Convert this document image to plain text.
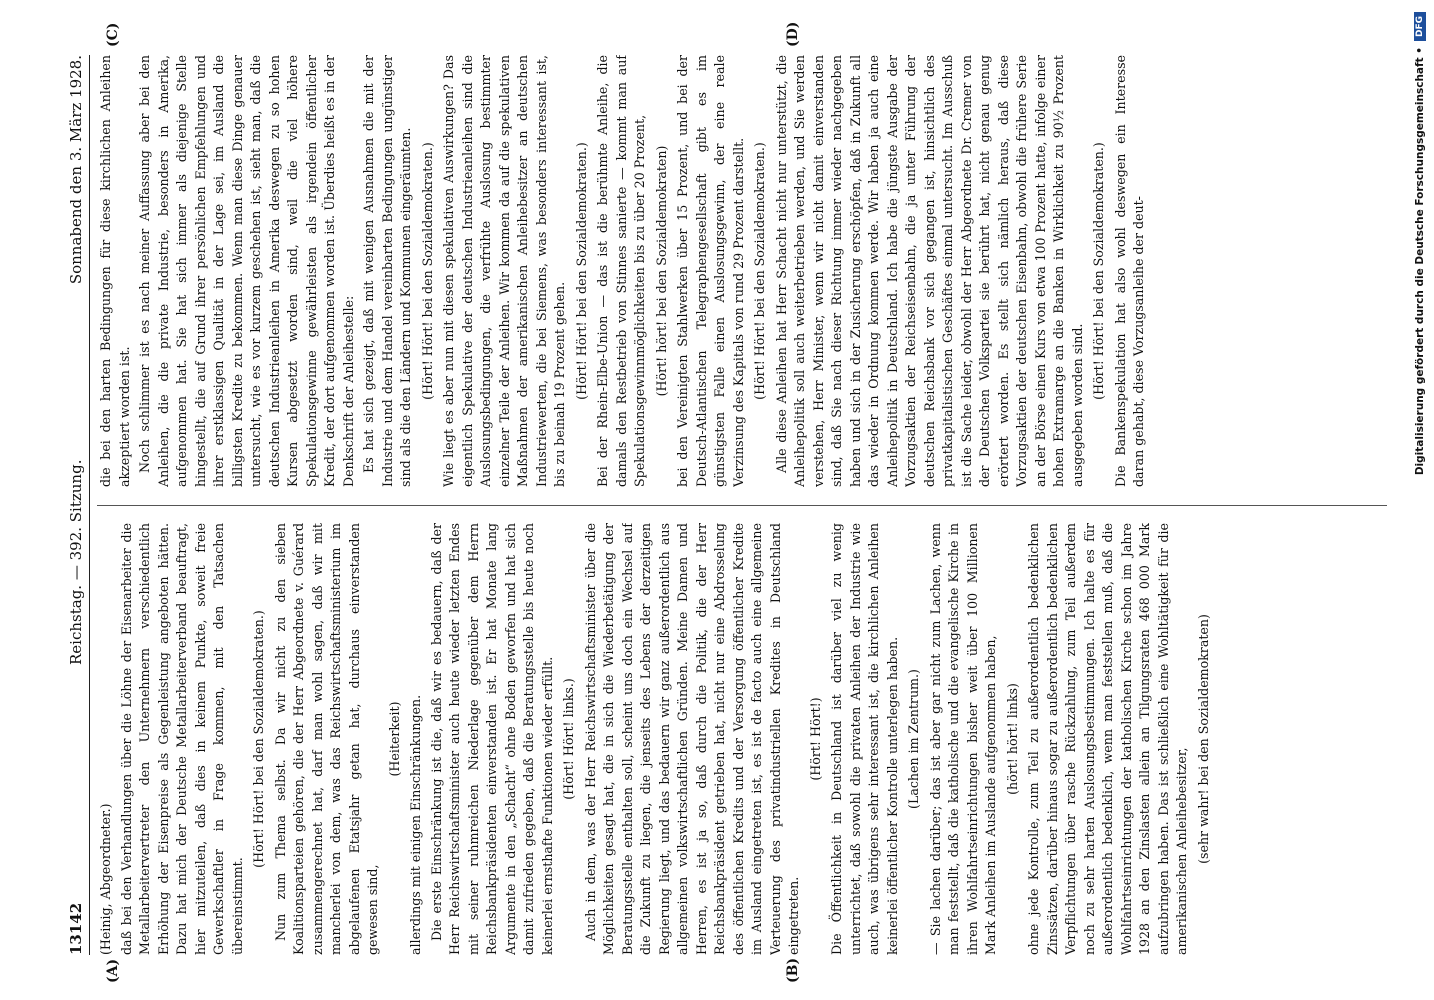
13142
Reichstag. — 392. Sitzung.
Sonnabend den 3. März 1928.
(A)	(B)
(C)	(D)

(Heinig, Abgeordneter.) daß bei den Verhandlungen über die Löhne der Eisenarbeiter die Metallarbeitervertreter den Unternehmern verschiedentlich Erhöhung der Eisenpreise als Gegenleistung angeboten hätten. Dazu hat mich der Deutsche Metallarbeiterverband beauftragt, hier mitzuteilen, daß dies in keinem Punkte, soweit freie Gewerkschaftler in Frage kommen, mit den Tatsachen übereinstimmt.

(Hört! Hört! bei den Sozialdemokraten.) Nun zum Thema selbst. Da wir nicht zu den sieben Koalitionsparteien gehören, die der Herr Abgeordnete v. Guérard zusammengerechnet hat, darf man wohl sagen, daß wir mit mancherlei von dem, was das Reichswirtschaftsministerium im abgelaufenen Etatsjahr getan hat, durchaus einverstanden gewesen sind,

(Heiterkeit) allerdings mit einigen Einschränkungen. Die erste Einschränkung ist die, daß wir es bedauern, daß der Herr Reichswirtschaftsminister auch heute wieder letzten Endes mit seiner ruhmreichen Niederlage gegenüber dem Herrn Reichsbankpräsidenten einverstanden ist. Er hat Monate lang Argumente in den „Schacht“ ohne Boden geworfen und hat sich damit zufrieden gegeben, daß die Beratungsstelle bis heute noch keinerlei ernsthafte Funktionen wieder erfüllt. (Hört! Hört! links.) Auch in dem, was der Herr Reichswirtschaftsminister über die Möglichkeiten gesagt hat, die in sich die Wiederbetätigung der Beratungsstelle enthalten soll, scheint uns doch ein Wechsel auf die Zukunft zu liegen, die jenseits des Lebens der derzeitigen Regierung liegt, und das bedauern wir ganz außerordentlich aus allgemeinen volkswirtschaftlichen Gründen. Meine Damen und Herren, es ist ja so, daß durch die Politik, die der Herr Reichsbankpräsident getrieben hat, nicht nur eine Abdrosselung des öffentlichen Kredits und der Versorgung öffentlicher Kredite im Ausland eingetreten ist, es ist de facto auch eine allgemeine Verteuerung des privatindustriellen Kredites in Deutschland eingetreten.

(Hört! Hört!) Die Öffentlichkeit in Deutschland ist darüber viel zu wenig unterrichtet, daß sowohl die privaten Anleihen der Industrie wie auch, was übrigens sehr interessant ist, die kirchlichen Anleihen keinerlei öffentlicher Kontrolle unterlegen haben. (Lachen im Zentrum.) — Sie lachen darüber; das ist aber gar nicht zum Lachen, wenn man feststellt, daß die katholische und die evangelische Kirche in ihren Wohlfahrtseinrichtungen bisher weit über 100 Millionen Mark Anleihen im Auslande aufgenommen haben, (hört! hört! links) ohne jede Kontrolle, zum Teil zu außerordentlich bedenklichen Zinssätzen, darüber hinaus sogar zu außerordentlich bedenklichen Verpflichtungen über rasche Rückzahlung, zum Teil außerdem noch zu sehr harten Auslosungsbestimmungen. Ich halte es für außerordentlich bedenklich, wenn man feststellen muß, daß die Wohlfahrtseinrichtungen der katholischen Kirche schon im Jahre 1928 an den Zinslasten allein an Tilgungsraten 468 000 Mark aufzubringen haben. Das ist schließlich eine Wohltätigkeit für die amerikanischen Anleihebesitzer, (sehr wahr! bei den Sozialdemokraten)

die bei den harten Bedingungen für diese kirchlichen Anleihen akzeptiert worden ist. Noch schlimmer ist es nach meiner Auffassung aber bei den Anleihen, die die private Industrie, besonders in Amerika, aufgenommen hat. Sie hat sich immer als diejenige Stelle hingestellt, die auf Grund ihrer persönlichen Empfehlungen und ihrer erstklassigen Qualität in der Lage sei, im Ausland die billigsten Kredite zu bekommen. Wenn man diese Dinge genauer untersucht, wie es vor kurzem geschehen ist, sieht man, daß die deutschen Industrieanleihen in Amerika deswegen zu so hohen Kursen abgesetzt worden sind, weil die viel höhere Spekulationsgewinne gewährleisten als irgendein öffentlicher Kredit, der dort aufgenommen worden ist. Überdies heißt es in der Denkschrift der Anleihestelle: Es hat sich gezeigt, daß mit wenigen Ausnahmen die mit der Industrie und dem Handel vereinbarten Bedingungen ungünstiger sind als die den Ländern und Kommunen eingeräumten. (Hört! Hört! bei den Sozialdemokraten.) Wie liegt es aber nun mit diesen spekulativen Auswirkungen? Das eigentlich Spekulative der deutschen Industrieanleihen sind die Auslosungsbedingungen, die verfrühte Auslosung bestimmter einzelner Teile der Anleihen. Wir kommen da auf die spekulativen Maßnahmen der amerikanischen Anleihebesitzer an deutschen Industriewerten, die bei Siemens, was besonders interessant ist, bis zu beinah 19 Prozent gehen. (Hört! Hört! bei den Sozialdemokraten.) Bei der Rhein-Elbe-Union — das ist die berühmte Anleihe, die damals den Restbetrieb von Stinnes sanierte — kommt man auf Spekulationsgewinnmöglichkeiten bis zu über 20 Prozent, (Hört! hört! bei den Sozialdemokraten) bei den Vereinigten Stahlwerken über 15 Prozent, und bei der Deutsch-Atlantischen Telegraphengesellschaft gibt es im günstigsten Falle einen Auslosungsgewinn, der eine reale Verzinsung des Kapitals von rund 29 Prozent darstellt. (Hört! Hört! bei den Sozialdemokraten.) Alle diese Anleihen hat Herr Schacht nicht nur unterstützt, die Anleihepolitik soll auch weiterbetrieben werden, und Sie werden verstehen, Herr Minister, wenn wir nicht damit einverstanden sind, daß Sie nach dieser Richtung immer wieder nachgegeben haben und sich in der Zusicherung erschöpfen, daß in Zukunft all das wieder in Ordnung kommen werde. Wir haben ja auch eine Anleihepolitik in Deutschland. Ich habe die jüngste Ausgabe der Vorzugsaktien der Reichseisenbahn, die ja unter Führung der deutschen Reichsbank vor sich gegangen ist, hinsichtlich des privatkapitalistischen Geschäftes einmal untersucht. Im Ausschuß ist die Sache leider, obwohl der Herr Abgeordnete Dr. Cremer von der Deutschen Volkspartei sie berührt hat, nicht genau genug erörtert worden. Es stellt sich nämlich heraus, daß diese Vorzugsaktien der deutschen Eisenbahn, obwohl die frühere Serie an der Börse einen Kurs von etwa 100 Prozent hatte, infolge einer hohen Extramarge an die Banken in Wirklichkeit zu 90½ Prozent ausgegeben worden sind.

(Hört! Hört! bei den Sozialdemokraten.) Die Bankenspekulation hat also wohl deswegen ein Interesse daran gehabt, diese Vorzugsanleihe der deut-	Digitalisierung gefördert durch die Deutsche Forschungsgemeinschaft •
DFG
